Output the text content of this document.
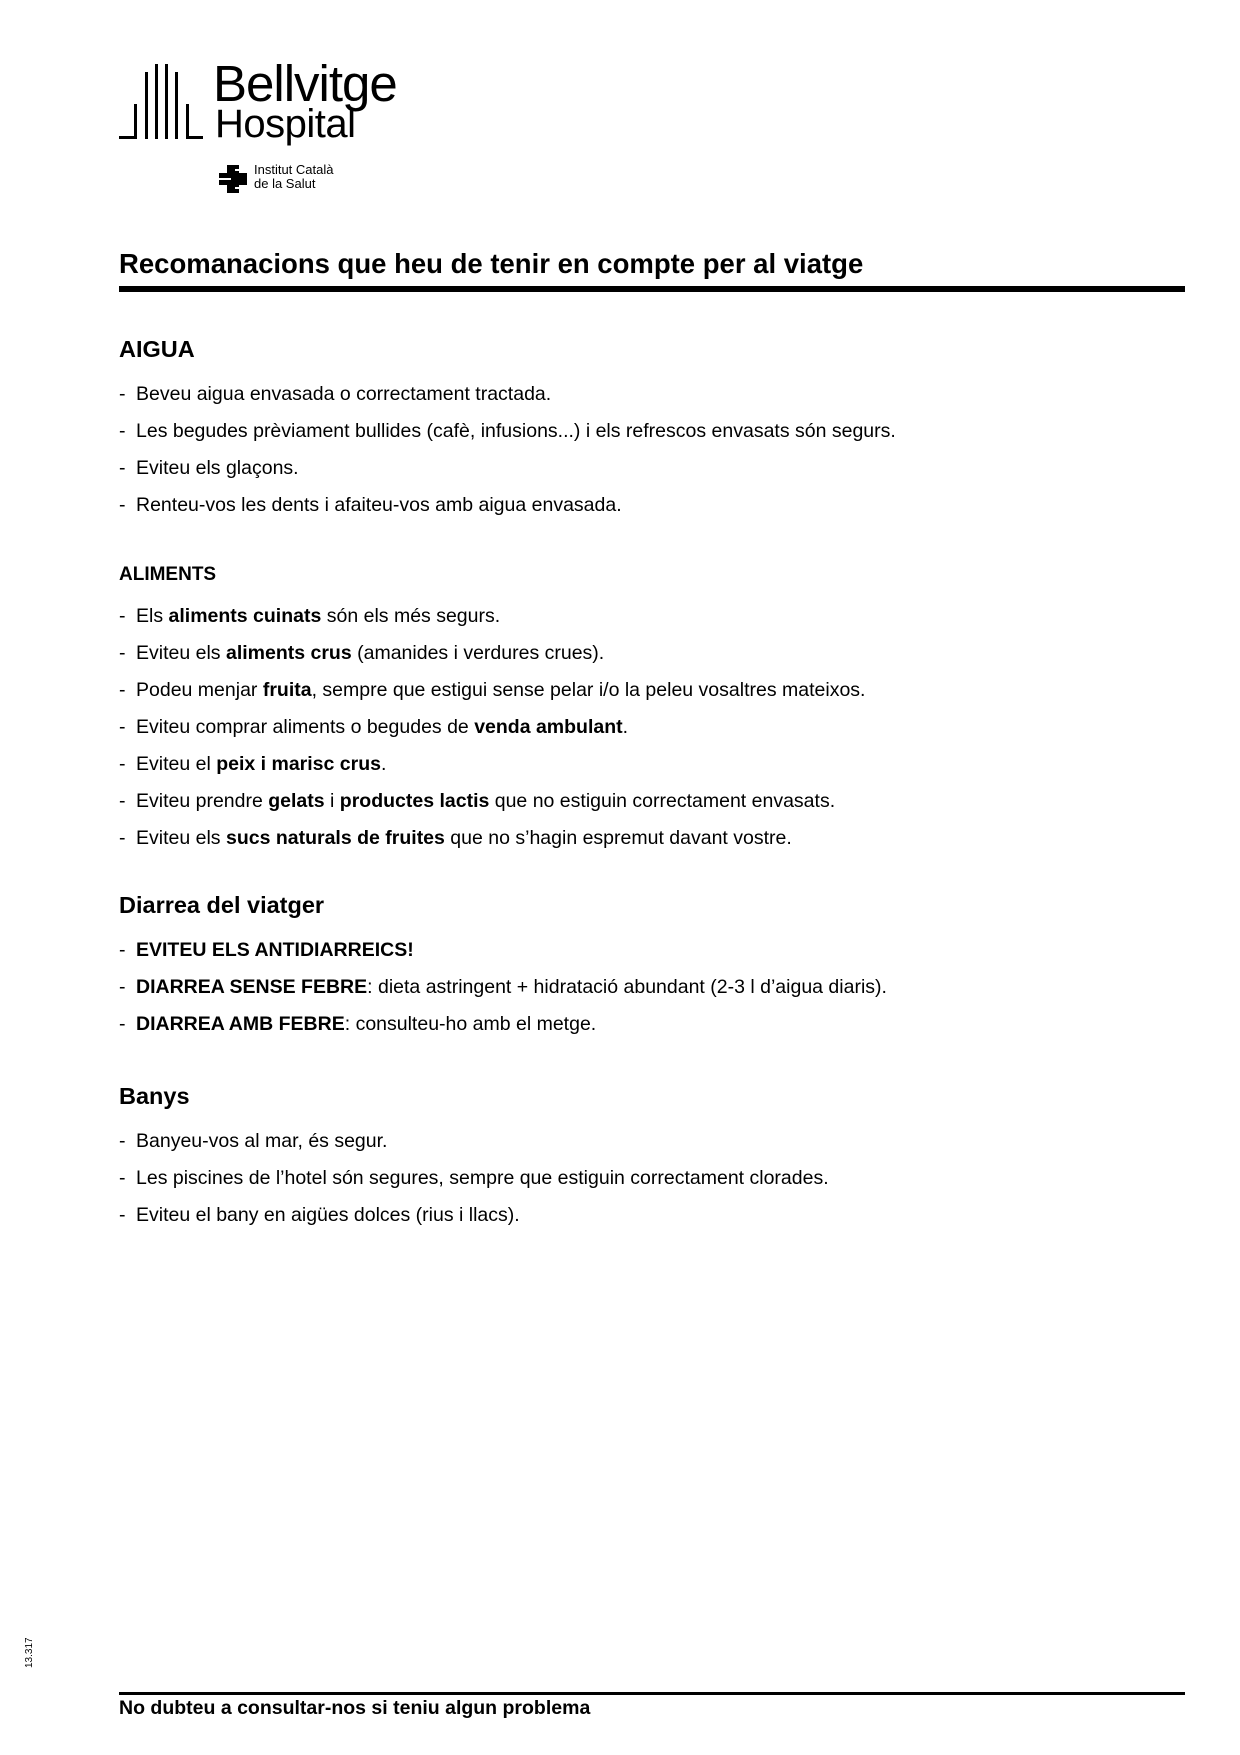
Bellvitge
Hospital
Institut Català
de la Salut
Recomanacions que heu de tenir en compte per al viatge
AIGUA
- Beveu aigua envasada o correctament tractada.
- Les begudes prèviament bullides (cafè, infusions...) i els refrescos envasats són segurs.
- Eviteu els glaçons.
- Renteu-vos les dents i afaiteu-vos amb aigua envasada.
ALIMENTS
- Els aliments cuinats són els més segurs.
- Eviteu els aliments crus (amanides i verdures crues).
- Podeu menjar fruita, sempre que estigui sense pelar i/o la peleu vosaltres mateixos.
- Eviteu comprar aliments o begudes de venda ambulant.
- Eviteu el peix i marisc crus.
- Eviteu prendre gelats i productes lactis que no estiguin correctament envasats.
- Eviteu els sucs naturals de fruites que no s’hagin espremut davant vostre.
Diarrea del viatger
- EVITEU ELS ANTIDIARREICS!
- DIARREA SENSE FEBRE: dieta astringent + hidratació abundant (2-3 l d’aigua diaris).
- DIARREA AMB FEBRE: consulteu-ho amb el metge.
Banys
- Banyeu-vos al mar, és segur.
- Les piscines de l’hotel són segures, sempre que estiguin correctament clorades.
- Eviteu el bany en aigües dolces (rius i llacs).
No dubteu a consultar-nos si teniu algun problema
13.317
